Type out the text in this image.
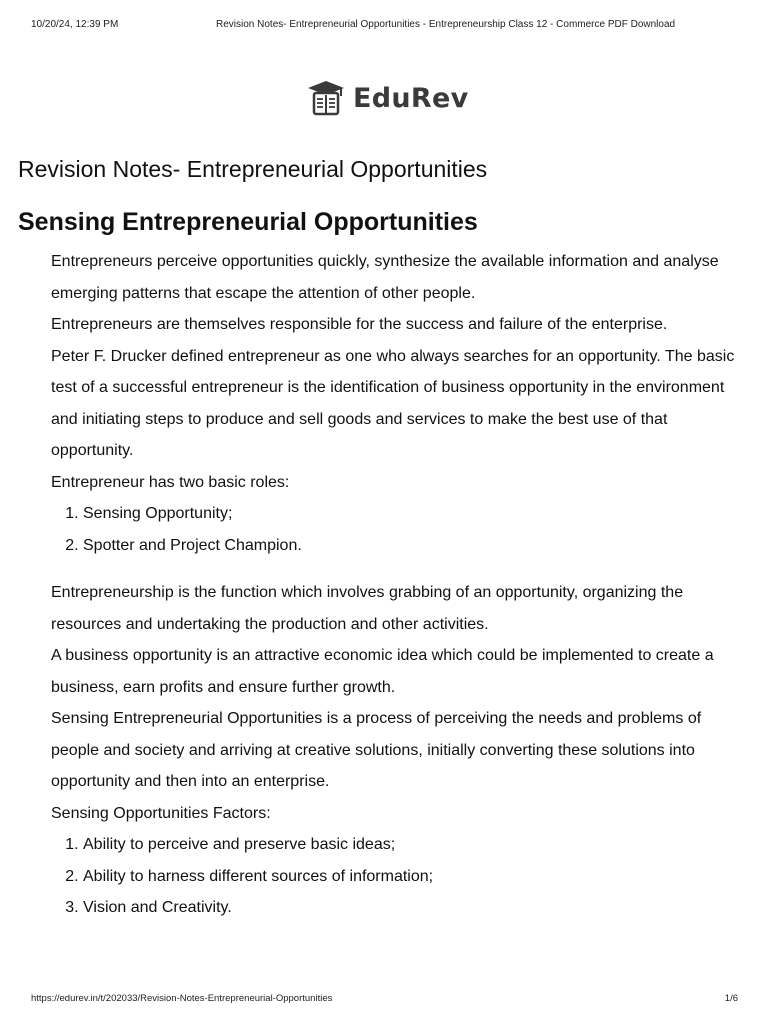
10/20/24, 12:39 PM	Revision Notes- Entrepreneurial Opportunities - Entrepreneurship Class 12 - Commerce PDF Download
EduRev
Revision Notes- Entrepreneurial Opportunities
Sensing Entrepreneurial Opportunities

Entrepreneurs perceive opportunities quickly, synthesize the available information and analyse emerging patterns that escape the attention of other people.

Entrepreneurs are themselves responsible for the success and failure of the enterprise.

Peter F. Drucker defined entrepreneur as one who always searches for an opportunity. The basic test of a successful entrepreneur is the identification of business opportunity in the environment and initiating steps to produce and sell goods and services to make the best use of that opportunity.

Entrepreneur has two basic roles:

1. Sensing Opportunity;
2. Spotter and Project Champion.

Entrepreneurship is the function which involves grabbing of an opportunity, organizing the resources and undertaking the production and other activities.

A business opportunity is an attractive economic idea which could be implemented to create a business, earn profits and ensure further growth.

Sensing Entrepreneurial Opportunities is a process of perceiving the needs and problems of people and society and arriving at creative solutions, initially converting these solutions into opportunity and then into an enterprise.

Sensing Opportunities Factors:

1. Ability to perceive and preserve basic ideas;
2. Ability to harness different sources of information;
3. Vision and Creativity.
https://edurev.in/t/202033/Revision-Notes-Entrepreneurial-Opportunities	1/6
